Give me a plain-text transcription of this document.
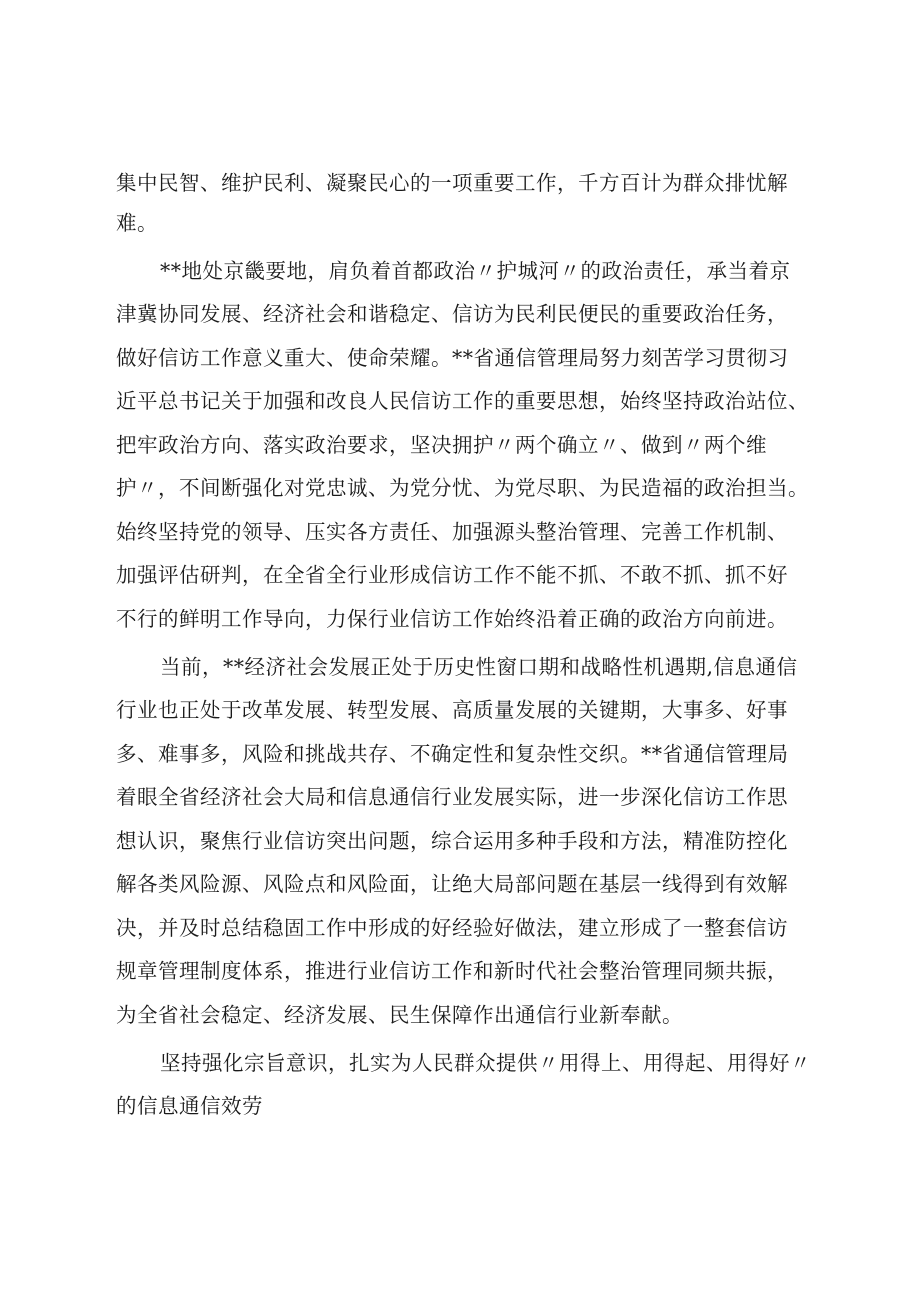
集中民智、维护民利、凝聚民心的一项重要工作，千方百计为群众排忧解
难。
**地处京畿要地，肩负着首都政治〃护城河〃的政治责任，承当着京
津冀协同发展、经济社会和谐稳定、信访为民利民便民的重要政治任务，
做好信访工作意义重大、使命荣耀。**省通信管理局努力刻苦学习贯彻习
近平总书记关于加强和改良人民信访工作的重要思想，始终坚持政治站位、
把牢政治方向、落实政治要求，坚决拥护〃两个确立〃、做到〃两个维
护〃，不间断强化对党忠诚、为党分忧、为党尽职、为民造福的政治担当。
始终坚持党的领导、压实各方责任、加强源头整治管理、完善工作机制、
加强评估研判，在全省全行业形成信访工作不能不抓、不敢不抓、抓不好
不行的鲜明工作导向，力保行业信访工作始终沿着正确的政治方向前进。
当前，**经济社会发展正处于历史性窗口期和战略性机遇期,信息通信
行业也正处于改革发展、转型发展、高质量发展的关键期，大事多、好事
多、难事多，风险和挑战共存、不确定性和复杂性交织。**省通信管理局
着眼全省经济社会大局和信息通信行业发展实际，进一步深化信访工作思
想认识，聚焦行业信访突出问题，综合运用多种手段和方法，精准防控化
解各类风险源、风险点和风险面，让绝大局部问题在基层一线得到有效解
决，并及时总结稳固工作中形成的好经验好做法，建立形成了一整套信访
规章管理制度体系，推进行业信访工作和新时代社会整治管理同频共振，
为全省社会稳定、经济发展、民生保障作出通信行业新奉献。
坚持强化宗旨意识，扎实为人民群众提供〃用得上、用得起、用得好〃
的信息通信效劳
